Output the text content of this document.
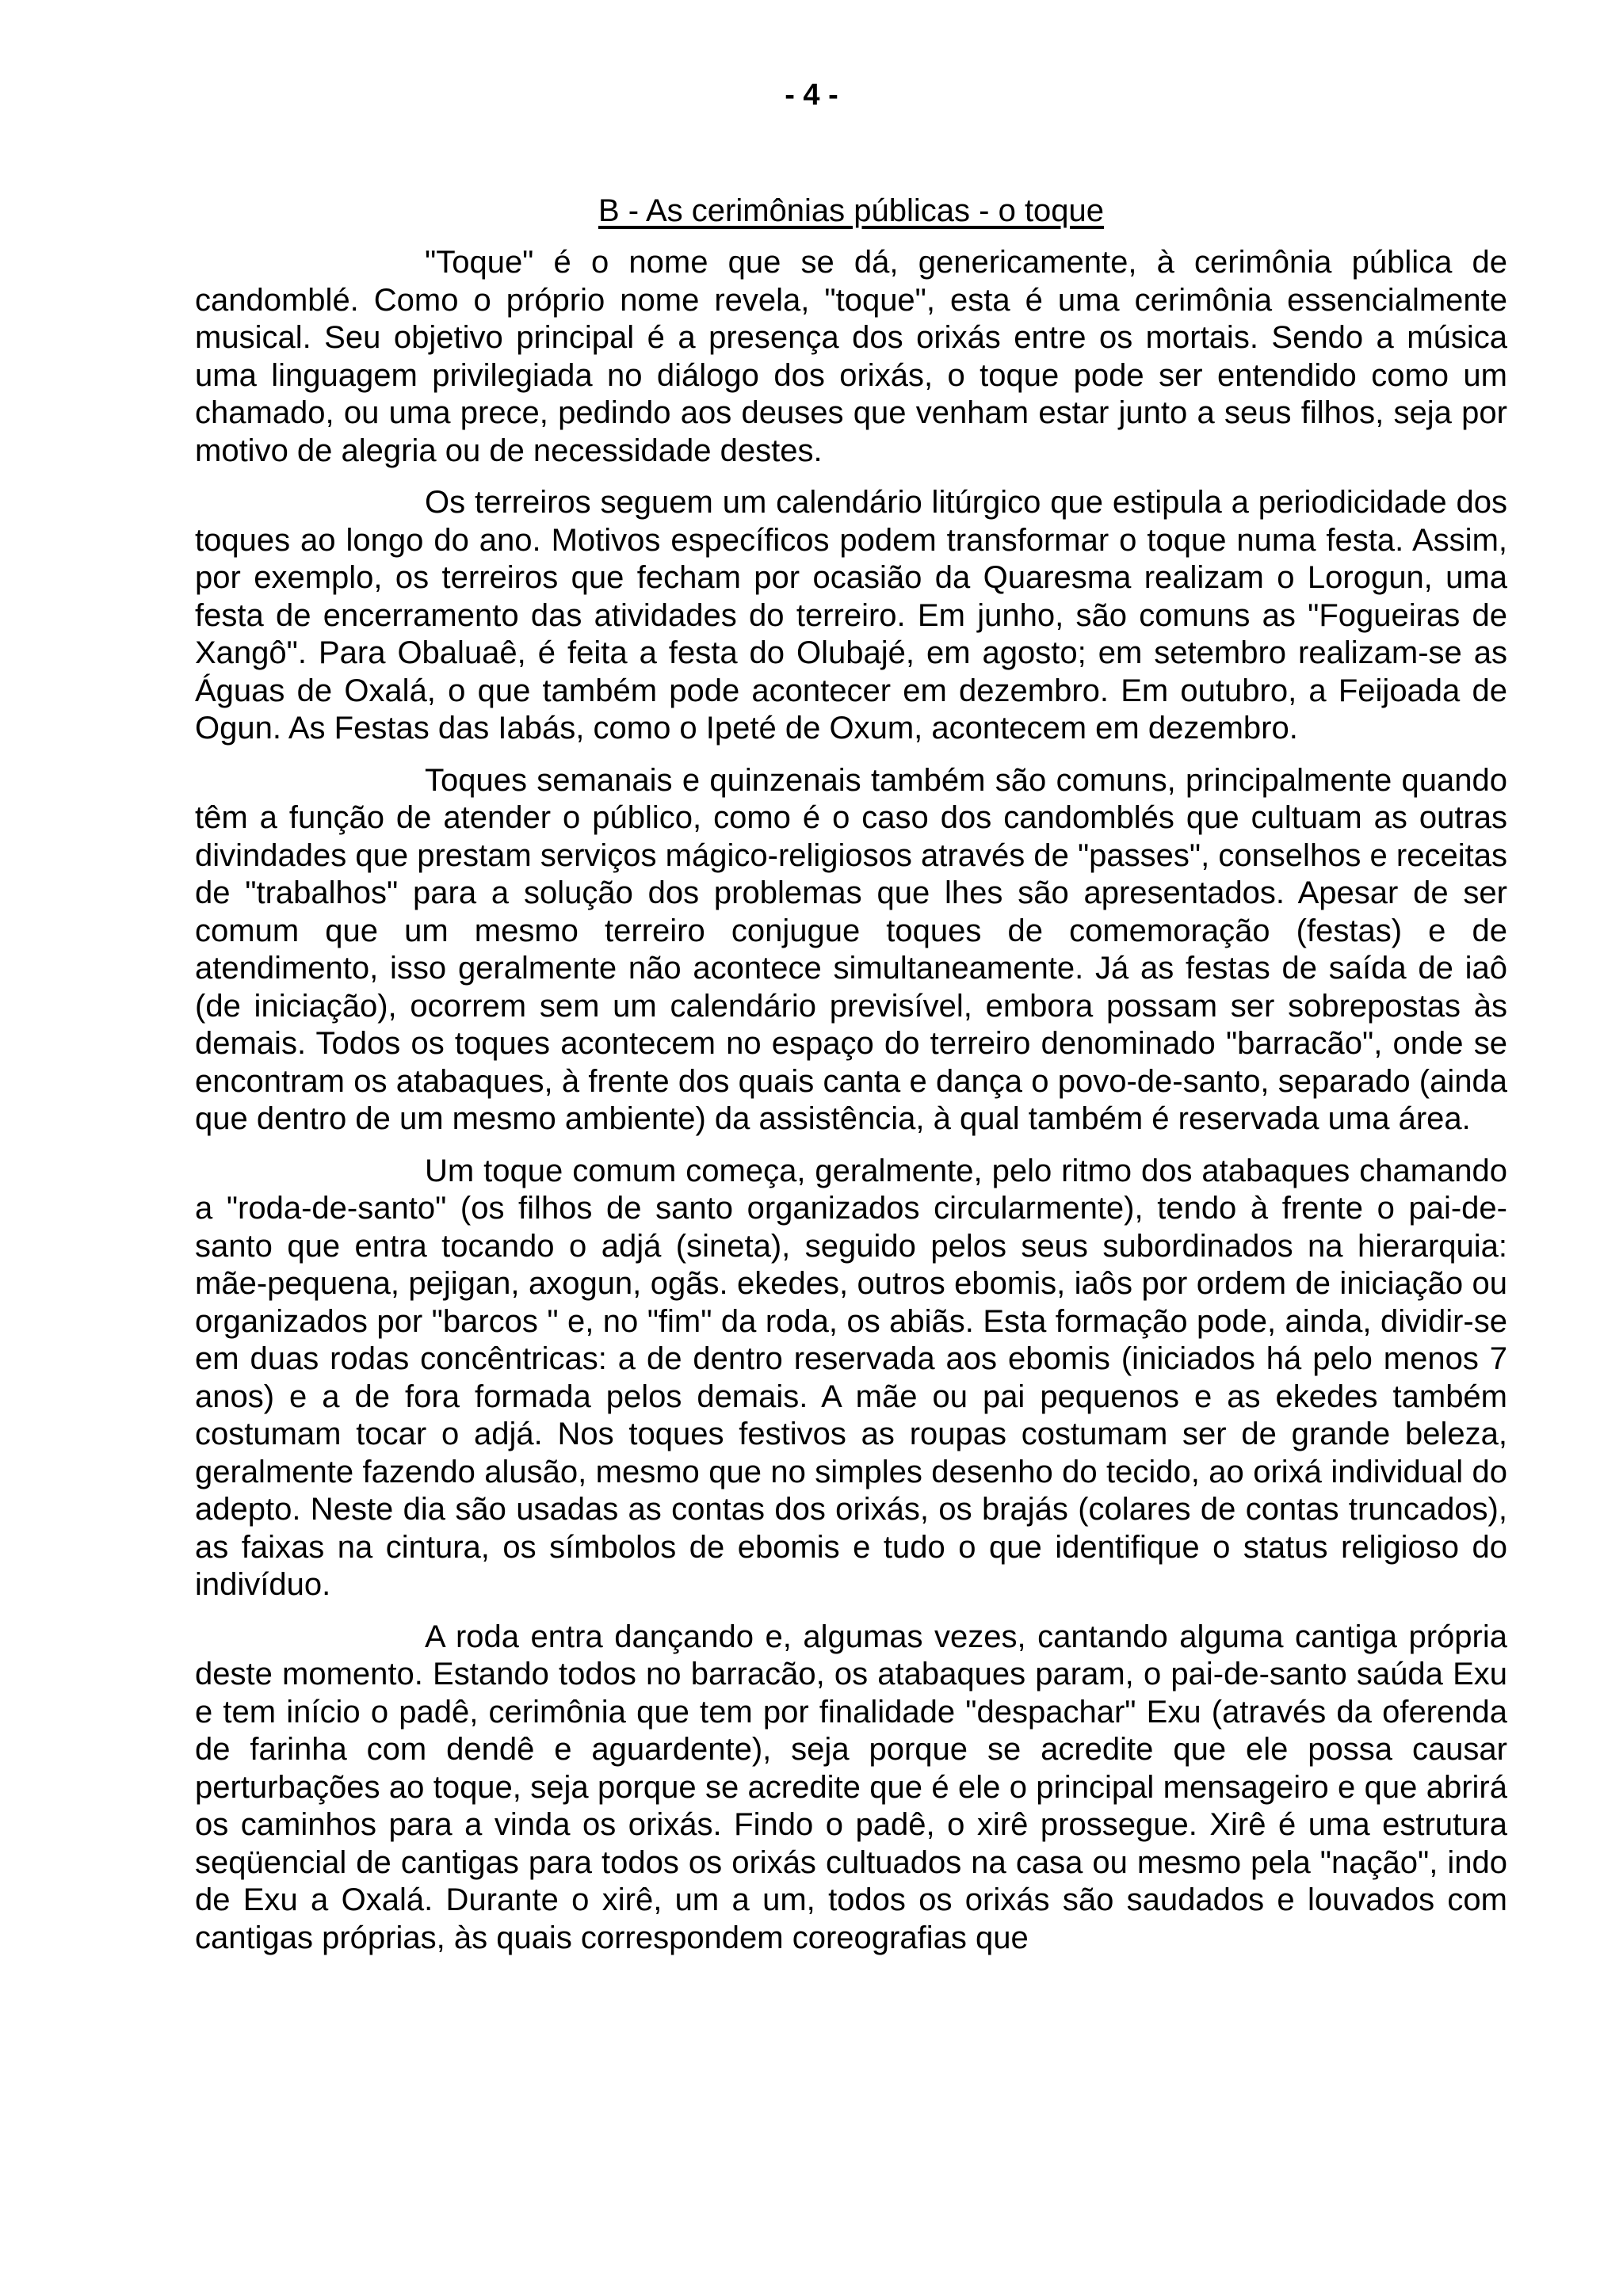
- 4 -
B - As cerimônias públicas - o toque

"Toque" é o nome que se dá, genericamente, à cerimônia pública de candomblé. Como o próprio nome revela, "toque", esta é uma cerimônia essencialmente musical. Seu objetivo principal é a presença dos orixás entre os mortais. Sendo a música uma linguagem privilegiada no diálogo dos orixás, o toque pode ser entendido como um chamado, ou uma prece, pedindo aos deuses que venham estar junto a seus filhos, seja por motivo de alegria ou de necessidade destes.

Os terreiros seguem um calendário litúrgico que estipula a periodicidade dos toques ao longo do ano. Motivos específicos podem transformar o toque numa festa. Assim, por exemplo, os terreiros que fecham por ocasião da Quaresma realizam o Lorogun, uma festa de encerramento das atividades do terreiro. Em junho, são comuns as "Fogueiras de Xangô". Para Obaluaê, é feita a festa do Olubajé, em agosto; em setembro realizam-se as Águas de Oxalá, o que também pode acontecer em dezembro. Em outubro, a Feijoada de Ogun. As Festas das Iabás, como o Ipeté de Oxum, acontecem em dezembro.

Toques semanais e quinzenais também são comuns, principalmente quando têm a função de atender o público, como é o caso dos candomblés que cultuam as outras divindades que prestam serviços mágico-religiosos através de "passes", conselhos e receitas de "trabalhos" para a solução dos problemas que lhes são apresentados. Apesar de ser comum que um mesmo terreiro conjugue toques de comemoração (festas) e de atendimento, isso geralmente não acontece simultaneamente. Já as festas de saída de iaô (de iniciação), ocorrem sem um calendário previsível, embora possam ser sobrepostas às demais. Todos os toques acontecem no espaço do terreiro denominado "barracão", onde se encontram os atabaques, à frente dos quais canta e dança o povo-de-santo, separado (ainda que dentro de um mesmo ambiente) da assistência, à qual também é reservada uma área.

Um toque comum começa, geralmente, pelo ritmo dos atabaques chamando a "roda-de-santo" (os filhos de santo organizados circularmente), tendo à frente o pai-de-santo que entra tocando o adjá (sineta), seguido pelos seus subordinados na hierarquia: mãe-pequena, pejigan, axogun, ogãs. ekedes, outros ebomis, iaôs por ordem de iniciação ou organizados por "barcos " e, no "fim" da roda, os abiãs. Esta formação pode, ainda, dividir-se em duas rodas concêntricas: a de dentro reservada aos ebomis (iniciados há pelo menos 7 anos) e a de fora formada pelos demais. A mãe ou pai pequenos e as ekedes também costumam tocar o adjá. Nos toques festivos as roupas costumam ser de grande beleza, geralmente fazendo alusão, mesmo que no simples desenho do tecido, ao orixá individual do adepto. Neste dia são usadas as contas dos orixás, os brajás (colares de contas truncados), as faixas na cintura, os símbolos de ebomis e tudo o que identifique o status religioso do indivíduo.

A roda entra dançando e, algumas vezes, cantando alguma cantiga própria deste momento. Estando todos no barracão, os atabaques param, o pai-de-santo saúda Exu e tem início o padê, cerimônia que tem por finalidade "despachar" Exu (através da oferenda de farinha com dendê e aguardente), seja porque se acredite que ele possa causar perturbações ao toque, seja porque se acredite que é ele o principal mensageiro e que abrirá os caminhos para a vinda os orixás. Findo o padê, o xirê prossegue. Xirê é uma estrutura seqüencial de cantigas para todos os orixás cultuados na casa ou mesmo pela "nação", indo de Exu a Oxalá. Durante o xirê, um a um, todos os orixás são saudados e louvados com cantigas próprias, às quais correspondem coreografias que
